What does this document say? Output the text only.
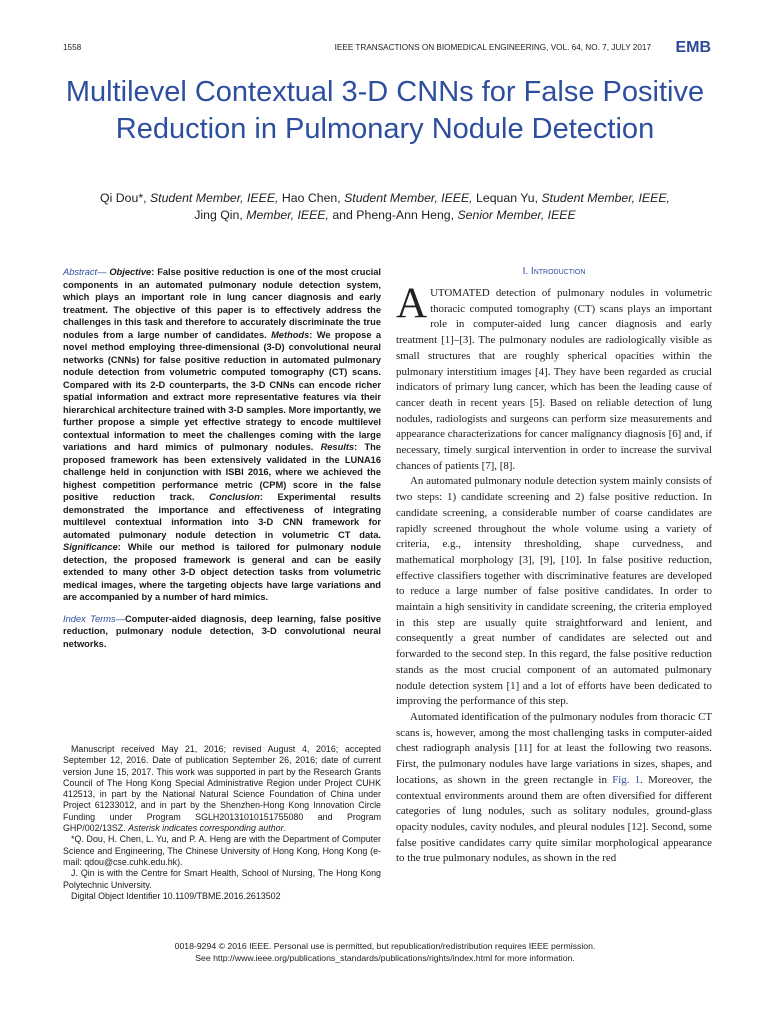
1558	IEEE TRANSACTIONS ON BIOMEDICAL ENGINEERING, VOL. 64, NO. 7, JULY 2017 EMB
Multilevel Contextual 3-D CNNs for False Positive Reduction in Pulmonary Nodule Detection
Qi Dou*, Student Member, IEEE, Hao Chen, Student Member, IEEE, Lequan Yu, Student Member, IEEE,
Jing Qin, Member, IEEE, and Pheng-Ann Heng, Senior Member, IEEE
Abstract— Objective: False positive reduction is one of the most crucial components in an automated pulmonary nodule detection system, which plays an important role in lung cancer diagnosis and early treatment. The objective of this paper is to effectively address the challenges in this task and therefore to accurately discriminate the true nodules from a large number of candidates. Methods: We propose a novel method employing three-dimensional (3-D) convolutional neural networks (CNNs) for false positive reduction in automated pulmonary nodule detection from volumetric computed tomography (CT) scans. Compared with its 2-D counterparts, the 3-D CNNs can encode richer spatial information and extract more representative features via their hierarchical architecture trained with 3-D samples. More importantly, we further propose a simple yet effective strategy to encode multilevel contextual information to meet the challenges coming with the large variations and hard mimics of pulmonary nodules. Results: The proposed framework has been extensively validated in the LUNA16 challenge held in conjunction with ISBI 2016, where we achieved the highest competition performance metric (CPM) score in the false positive reduction track. Conclusion: Experimental results demonstrated the importance and effectiveness of integrating multilevel contextual information into 3-D CNN framework for automated pulmonary nodule detection in volumetric CT data. Significance: While our method is tailored for pulmonary nodule detection, the proposed framework is general and can be easily extended to many other 3-D object detection tasks from volumetric medical images, where the targeting objects have large variations and are accompanied by a number of hard mimics.
Index Terms—Computer-aided diagnosis, deep learning, false positive reduction, pulmonary nodule detection, 3-D convolutional neural networks.

Manuscript received May 21, 2016; revised August 4, 2016; accepted September 12, 2016. Date of publication September 26, 2016; date of current version June 15, 2017. This work was supported in part by the Research Grants Council of The Hong Kong Special Administrative Region under Project CUHK 412513, in part by the National Natural Science Foundation of China under Project 61233012, and in part by the Shenzhen-Hong Kong Innovation Circle Funding under Program SGLH20131010151755080 and Program GHP/002/13SZ. Asterisk indicates corresponding author.

*Q. Dou, H. Chen, L. Yu, and P. A. Heng are with the Department of Computer Science and Engineering, The Chinese University of Hong Kong, Hong Kong (e-mail: qdou@cse.cuhk.edu.hk).

J. Qin is with the Centre for Smart Health, School of Nursing, The Hong Kong Polytechnic University.

Digital Object Identifier 10.1109/TBME.2016.2613502

I. Introduction

AUTOMATED detection of pulmonary nodules in volumetric thoracic computed tomography (CT) scans plays an important role in computer-aided lung cancer diagnosis and early treatment [1]–[3]. The pulmonary nodules are radiologically visible as small structures that are roughly spherical opacities within the pulmonary interstitium images [4]. They have been regarded as crucial indicators of primary lung cancer, which has been the leading cause of cancer death in recent years [5]. Based on reliable detection of lung nodules, radiologists and surgeons can perform size measurements and appearance characterizations for cancer malignancy diagnosis [6] and, if necessary, timely surgical intervention in order to increase the survival chances of patients [7], [8].

An automated pulmonary nodule detection system mainly consists of two steps: 1) candidate screening and 2) false positive reduction. In candidate screening, a considerable number of coarse candidates are rapidly screened throughout the whole volume using a variety of criteria, e.g., intensity thresholding, shape curvedness, and mathematical morphology [3], [9], [10]. In false positive reduction, effective classifiers together with discriminative features are developed to reduce a large number of false positive candidates. In order to maintain a high sensitivity in candidate screening, the criteria employed in this step are usually quite straightforward and lenient, and consequently a great number of candidates are selected out and forwarded to the second step. In this regard, the false positive reduction stands as the most crucial component of an automated pulmonary nodule detection system [1] and a lot of efforts have been dedicated to improving the performance of this step.

Automated identification of the pulmonary nodules from thoracic CT scans is, however, among the most challenging tasks in computer-aided chest radiograph analysis [11] for at least the following two reasons. First, the pulmonary nodules have large variations in sizes, shapes, and locations, as shown in the green rectangle in Fig. 1. Moreover, the contextual environments around them are often diversified for different categories of lung nodules, such as solitary nodules, ground-glass opacity nodules, cavity nodules, and pleural nodules [12]. Second, some false positive candidates carry quite similar morphological appearance to the true pulmonary nodules, as shown in the red

0018-9294 © 2016 IEEE. Personal use is permitted, but republication/redistribution requires IEEE permission.
See http://www.ieee.org/publications_standards/publications/rights/index.html for more information.
